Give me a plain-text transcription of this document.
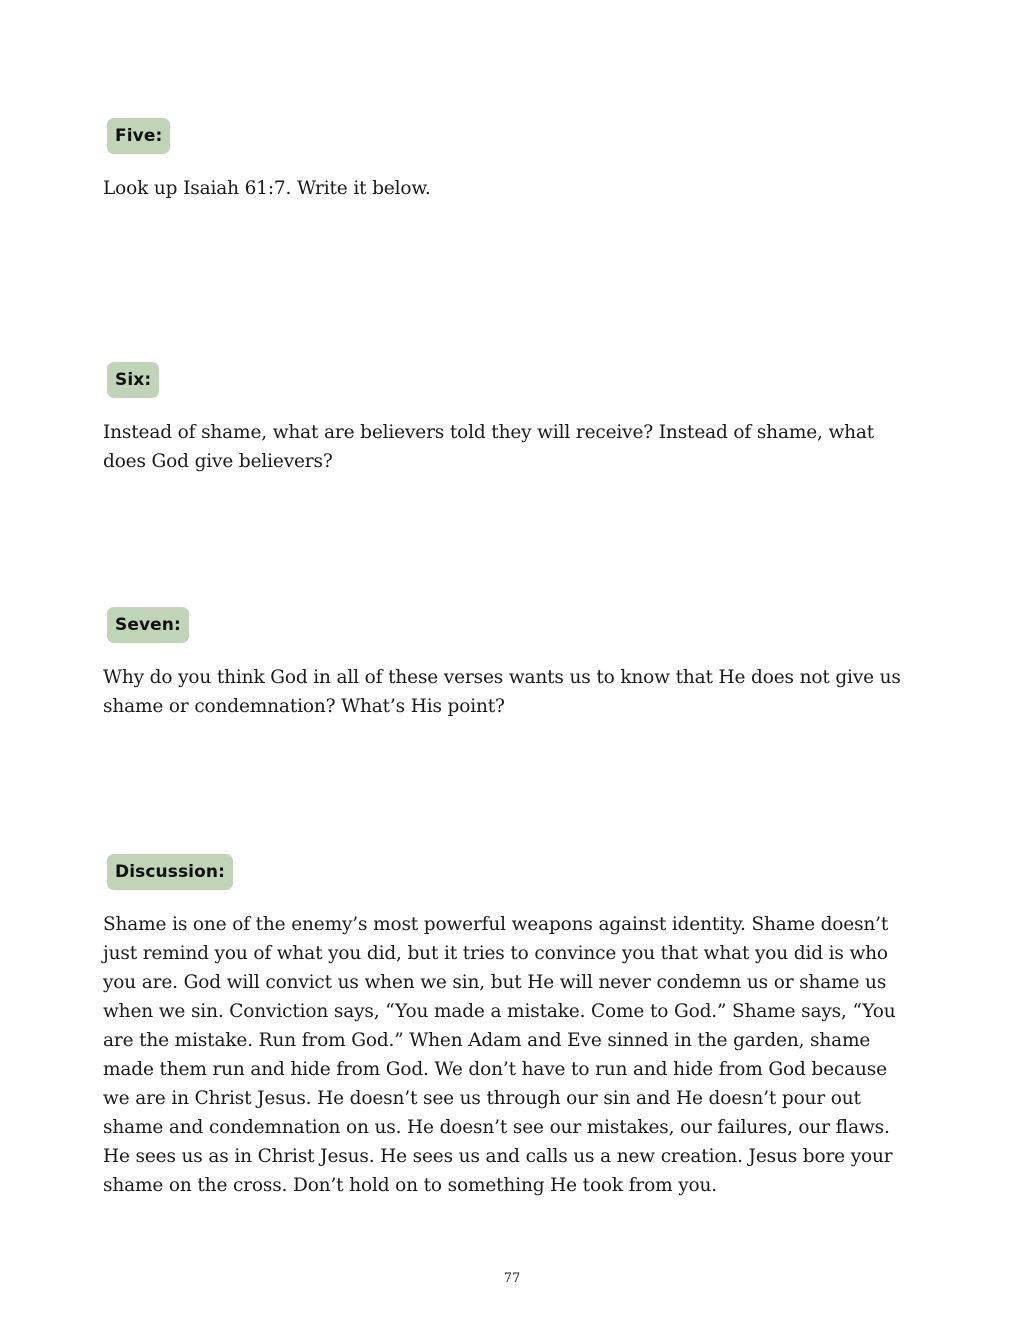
Five:

Look up Isaiah 61:7. Write it below.

Six:

Instead of shame, what are believers told they will receive? Instead of shame, what does God give believers?

Seven:

Why do you think God in all of these verses wants us to know that He does not give us shame or condemnation? What’s His point?

Discussion:

Shame is one of the enemy’s most powerful weapons against identity. Shame doesn’t just remind you of what you did, but it tries to convince you that what you did is who you are. God will convict us when we sin, but He will never condemn us or shame us when we sin. Conviction says, “You made a mistake. Come to God.” Shame says, “You are the mistake. Run from God.” When Adam and Eve sinned in the garden, shame made them run and hide from God. We don’t have to run and hide from God because we are in Christ Jesus. He doesn’t see us through our sin and He doesn’t pour out shame and condemnation on us. He doesn’t see our mistakes, our failures, our flaws. He sees us as in Christ Jesus. He sees us and calls us a new creation. Jesus bore your shame on the cross. Don’t hold on to something He took from you.

77
